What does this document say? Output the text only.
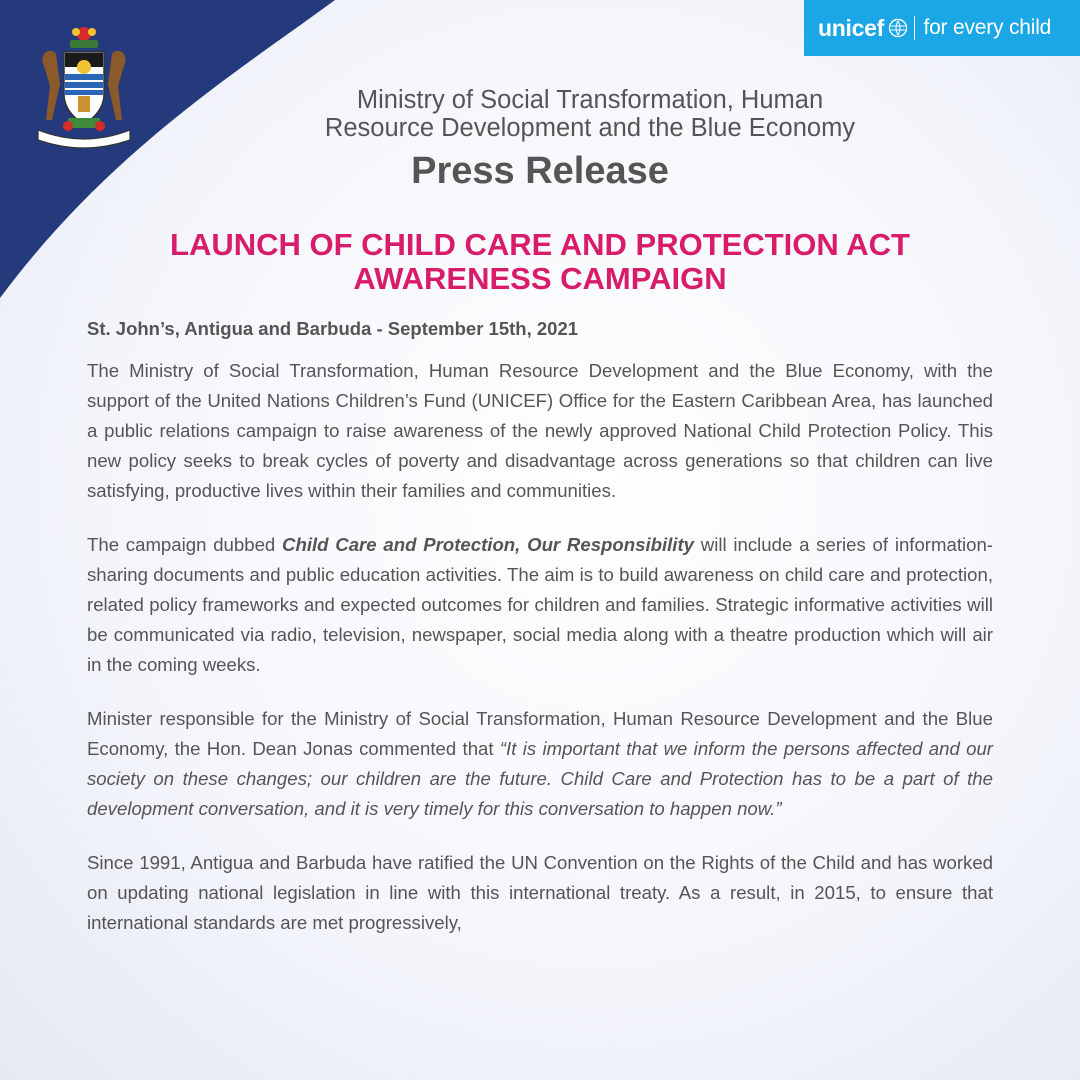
unicef for every child
Ministry of Social Transformation, Human
Resource Development and the Blue Economy
Press Release
LAUNCH OF CHILD CARE AND PROTECTION ACT
AWARENESS CAMPAIGN
St. John’s, Antigua and Barbuda - September 15th, 2021

The Ministry of Social Transformation, Human Resource Development and the Blue Economy, with the support of the United Nations Children’s Fund (UNICEF) Office for the Eastern Caribbean Area, has launched a public relations campaign to raise awareness of the newly approved National Child Protection Policy. This new policy seeks to break cycles of poverty and disadvantage across generations so that children can live satisfying, productive lives within their families and communities.

The campaign dubbed Child Care and Protection, Our Responsibility will include a series of information-sharing documents and public education activities. The aim is to build awareness on child care and protection, related policy frameworks and expected outcomes for children and families. Strategic informative activities will be communicated via radio, television, newspaper, social media along with a theatre production which will air in the coming weeks.

Minister responsible for the Ministry of Social Transformation, Human Resource Development and the Blue Economy, the Hon. Dean Jonas commented that “It is important that we inform the persons affected and our society on these changes; our children are the future. Child Care and Protection has to be a part of the development conversation, and it is very timely for this conversation to happen now.”

Since 1991, Antigua and Barbuda have ratified the UN Convention on the Rights of the Child and has worked on updating national legislation in line with this international treaty. As a result, in 2015, to ensure that international standards are met progressively,
